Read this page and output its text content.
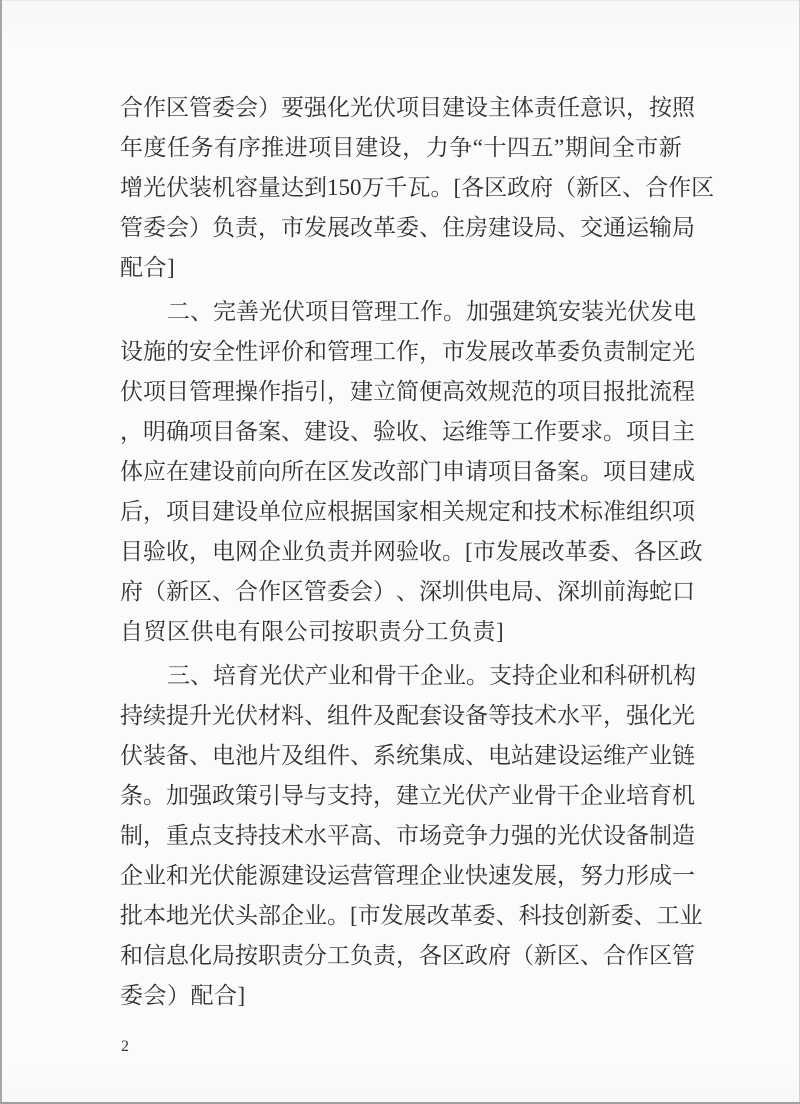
合 作 区 管 委 会 ） 要 强 化 光 伏 项 目 建 设 主 体 责 任 意 识 ， 按 照
年 度 任 务 有 序 推 进 项 目 建 设 ， 力 争 “ 十 四 五 ” 期 间 全 市 新
增 光 伏 装 机 容 量 达 到 1 5 0 万 千 瓦 。 [ 各 区 政 府 （ 新 区 、 合 作 区
管 委 会 ） 负 责 ， 市 发 展 改 革 委 、 住 房 建 设 局 、 交 通 运 输 局
配合]
二 、 完 善 光 伏 项 目 管 理 工 作 。 加 强 建 筑 安 装 光 伏 发 电
设 施 的 安 全 性 评 价 和 管 理 工 作 ， 市 发 展 改 革 委 负 责 制 定 光
伏 项 目 管 理 操 作 指 引 ， 建 立 简 便 高 效 规 范 的 项 目 报 批 流 程
， 明 确 项 目 备 案 、 建 设 、 验 收 、 运 维 等 工 作 要 求 。 项 目 主
体 应 在 建 设 前 向 所 在 区 发 改 部 门 申 请 项 目 备 案 。 项 目 建 成
后 ， 项 目 建 设 单 位 应 根 据 国 家 相 关 规 定 和 技 术 标 准 组 织 项
目 验 收 ， 电 网 企 业 负 责 并 网 验 收 。 [ 市 发 展 改 革 委 、 各 区 政
府 （ 新 区 、 合 作 区 管 委 会 ） 、 深 圳 供 电 局 、 深 圳 前 海 蛇 口
自贸区供电有限公司按职责分工负责]
三 、 培 育 光 伏 产 业 和 骨 干 企 业 。 支 持 企 业 和 科 研 机 构
持 续 提 升 光 伏 材 料 、 组 件 及 配 套 设 备 等 技 术 水 平 ， 强 化 光
伏 装 备 、 电 池 片 及 组 件 、 系 统 集 成 、 电 站 建 设 运 维 产 业 链
条 。 加 强 政 策 引 导 与 支 持 ， 建 立 光 伏 产 业 骨 干 企 业 培 育 机
制 ， 重 点 支 持 技 术 水 平 高 、 市 场 竞 争 力 强 的 光 伏 设 备 制 造
企 业 和 光 伏 能 源 建 设 运 营 管 理 企 业 快 速 发 展 ， 努 力 形 成 一
批 本 地 光 伏 头 部 企 业 。 [ 市 发 展 改 革 委 、 科 技 创 新 委 、 工 业
和 信 息 化 局 按 职 责 分 工 负 责 ， 各 区 政 府 （ 新 区 、 合 作 区 管
委会）配合]
2
